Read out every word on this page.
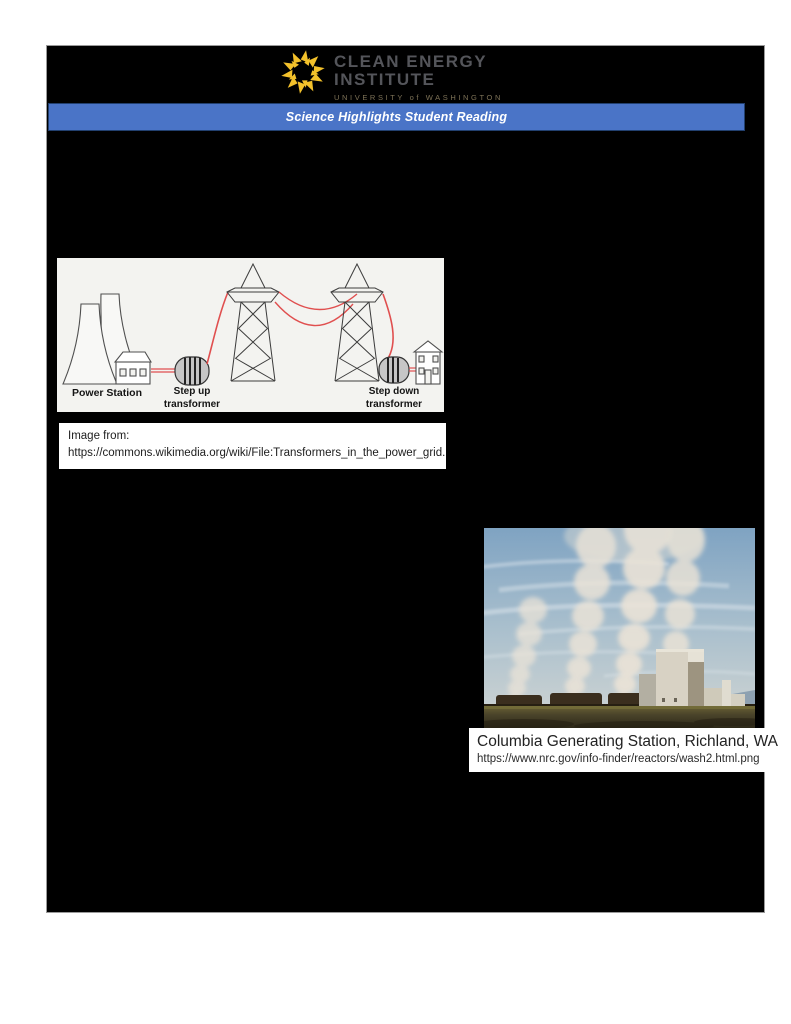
CLEAN ENERGY
INSTITUTE
UNIVERSITY of WASHINGTON
Science Highlights Student Reading
Power Station	Step up
transformer
Step down
transformer
Image from:
https://commons.wikimedia.org/wiki/File:Transformers_in_the_power_grid.
Columbia Generating Station, Richland, WA
https://www.nrc.gov/info-finder/reactors/wash2.html.png
